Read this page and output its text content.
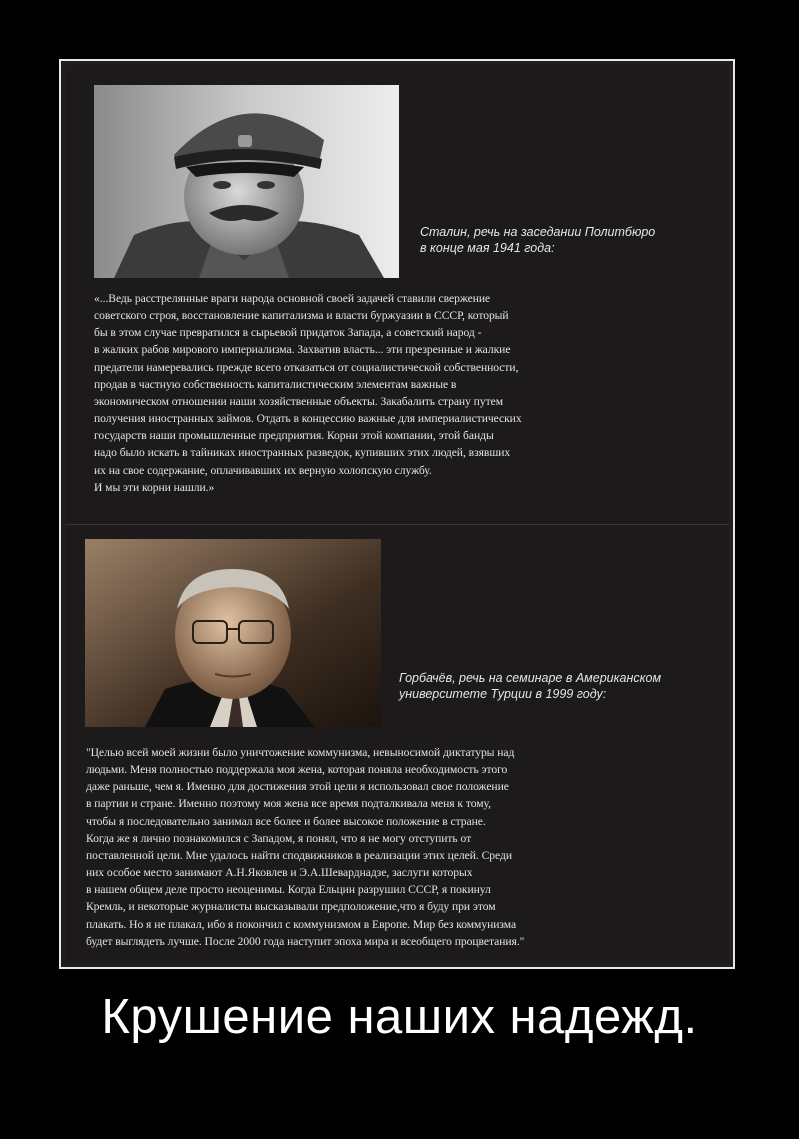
Сталин, речь на заседании Политбюро
в конце мая 1941 года:
«...Ведь расстрелянные враги народа основной своей задачей ставили свержение
советского строя, восстановление капитализма и власти буржуазии в СССР, который
бы в этом случае превратился в сырьевой придаток Запада, а советский народ -
в жалких рабов мирового империализма. Захватив власть... эти презренные и жалкие
предатели намеревались прежде всего отказаться от социалистической собственности,
продав в частную собственность капиталистическим элементам важные в
экономическом отношении наши хозяйственные объекты. Закабалить страну путем
получения иностранных займов. Отдать в концессию важные для империалистических
государств наши промышленные предприятия. Корни этой компании, этой банды
надо было искать в тайниках иностранных разведок, купивших этих людей, взявших
их на свое содержание, оплачивавших их верную холопскую службу.
И мы эти корни нашли.»
Горбачёв, речь на семинаре в Американском
университете Турции в 1999 году:
"Целью всей моей жизни было уничтожение коммунизма, невыносимой диктатуры над
людьми. Меня полностью поддержала моя жена, которая поняла необходимость этого
даже раньше, чем я. Именно для достижения этой цели я использовал свое положение
в партии и стране. Именно поэтому моя жена все время подталкивала меня к тому,
чтобы я последовательно занимал все более и более высокое положение в стране.
Когда же я лично познакомился с Западом, я понял, что я не могу отступить от
поставленной цели. Мне удалось найти сподвижников в реализации этих целей. Среди
них особое место занимают А.Н.Яковлев и Э.А.Шеварднадзе, заслуги которых
в нашем общем деле просто неоценимы. Когда Ельцин разрушил СССР, я покинул
Кремль, и некоторые журналисты высказывали предположение,что я буду при этом
плакать. Но я не плакал, ибо я покончил с коммунизмом в Европе. Мир без коммунизма
будет выглядеть лучше. После 2000 года наступит эпоха мира и всеобщего процветания."
Крушение наших надежд.
